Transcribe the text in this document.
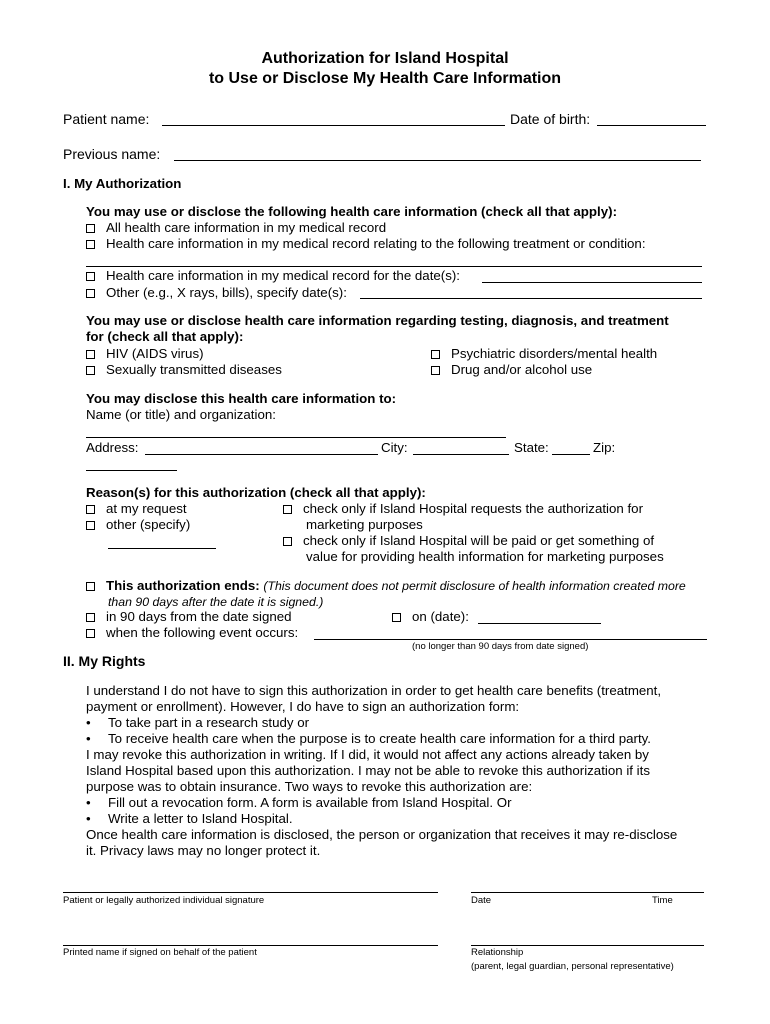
Authorization for Island Hospital
to Use or Disclose My Health Care Information
Patient name:	Date of birth:
Previous name:
I. My Authorization
You may use or disclose the following health care information (check all that apply):
All health care information in my medical record
Health care information in my medical record relating to the following treatment or condition:
Health care information in my medical record for the date(s):
Other (e.g., X rays, bills), specify date(s):
You may use or disclose health care information regarding testing, diagnosis, and treatment
for (check all that apply):
HIV (AIDS virus)
Sexually transmitted diseases
Psychiatric disorders/mental health
Drug and/or alcohol use
You may disclose this health care information to:
Name (or title) and organization:
Address:	City:	State:	Zip:
Reason(s) for this authorization (check all that apply):
at my request
other (specify)
check only if Island Hospital requests the authorization for
marketing purposes
check only if Island Hospital will be paid or get something of
value for providing health information for marketing purposes
This authorization ends: (This document does not permit disclosure of health information created more
than 90 days after the date it is signed.)
in 90 days from the date signed	on (date):
when the following event occurs:
(no longer than 90 days from date signed)
II. My Rights

I understand I do not have to sign this authorization in order to get health care benefits (treatment,

payment or enrollment). However, I do have to sign an authorization form:

• To take part in a research study or

• To receive health care when the purpose is to create health care information for a third party.

I may revoke this authorization in writing. If I did, it would not affect any actions already taken by

Island Hospital based upon this authorization. I may not be able to revoke this authorization if its

purpose was to obtain insurance. Two ways to revoke this authorization are:

• Fill out a revocation form. A form is available from Island Hospital. Or

• Write a letter to Island Hospital.

Once health care information is disclosed, the person or organization that receives it may re-disclose

it. Privacy laws may no longer protect it.

Patient or legally authorized individual signature	Date	Time
Printed name if signed on behalf of the patient	Relationship
(parent, legal guardian, personal representative)
